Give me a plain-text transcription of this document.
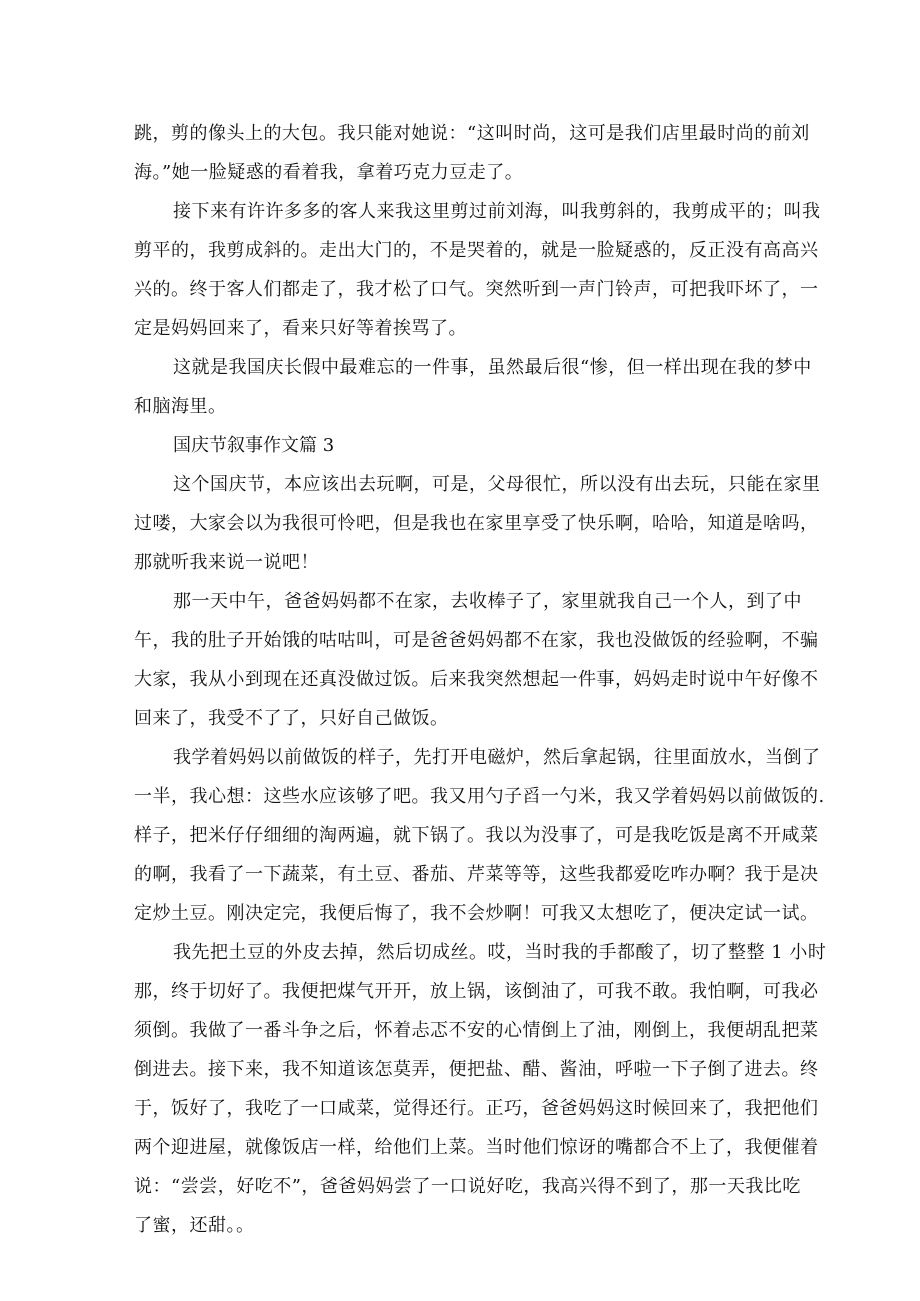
跳，剪的像头上的大包。我只能对她说：“这叫时尚，这可是我们店里最时尚的前刘
海。”她一脸疑惑的看着我，拿着巧克力豆走了。
接下来有许许多多的客人来我这里剪过前刘海，叫我剪斜的，我剪成平的；叫我
剪平的，我剪成斜的。走出大门的，不是哭着的，就是一脸疑惑的，反正没有高高兴
兴的。终于客人们都走了，我才松了口气。突然听到一声门铃声，可把我吓坏了，一
定是妈妈回来了，看来只好等着挨骂了。
这就是我国庆长假中最难忘的一件事，虽然最后很“惨，但一样出现在我的梦中
和脑海里。
国庆节叙事作文篇 3
这个国庆节，本应该出去玩啊，可是，父母很忙，所以没有出去玩，只能在家里
过喽，大家会以为我很可怜吧，但是我也在家里享受了快乐啊，哈哈，知道是啥吗，
那就听我来说一说吧！
那一天中午，爸爸妈妈都不在家，去收棒子了，家里就我自己一个人，到了中
午，我的肚子开始饿的咕咕叫，可是爸爸妈妈都不在家，我也没做饭的经验啊，不骗
大家，我从小到现在还真没做过饭。后来我突然想起一件事，妈妈走时说中午好像不
回来了，我受不了了，只好自己做饭。
我学着妈妈以前做饭的样子，先打开电磁炉，然后拿起锅，往里面放水，当倒了
一半，我心想：这些水应该够了吧。我又用勺子舀一勺米，我又学着妈妈以前做饭的.
样子，把米仔仔细细的淘两遍，就下锅了。我以为没事了，可是我吃饭是离不开咸菜
的啊，我看了一下蔬菜，有土豆、番茄、芹菜等等，这些我都爱吃咋办啊？我于是决
定炒土豆。刚决定完，我便后悔了，我不会炒啊！可我又太想吃了，便决定试一试。
我先把土豆的外皮去掉，然后切成丝。哎，当时我的手都酸了，切了整整 1 小时
那，终于切好了。我便把煤气开开，放上锅，该倒油了，可我不敢。我怕啊，可我必
须倒。我做了一番斗争之后，怀着忐忑不安的心情倒上了油，刚倒上，我便胡乱把菜
倒进去。接下来，我不知道该怎莫弄，便把盐、醋、酱油，呼啦一下子倒了进去。终
于，饭好了，我吃了一口咸菜，觉得还行。正巧，爸爸妈妈这时候回来了，我把他们
两个迎进屋，就像饭店一样，给他们上菜。当时他们惊讶的嘴都合不上了，我便催着
说：“尝尝，好吃不”，爸爸妈妈尝了一口说好吃，我高兴得不到了，那一天我比吃
了蜜，还甜。。
